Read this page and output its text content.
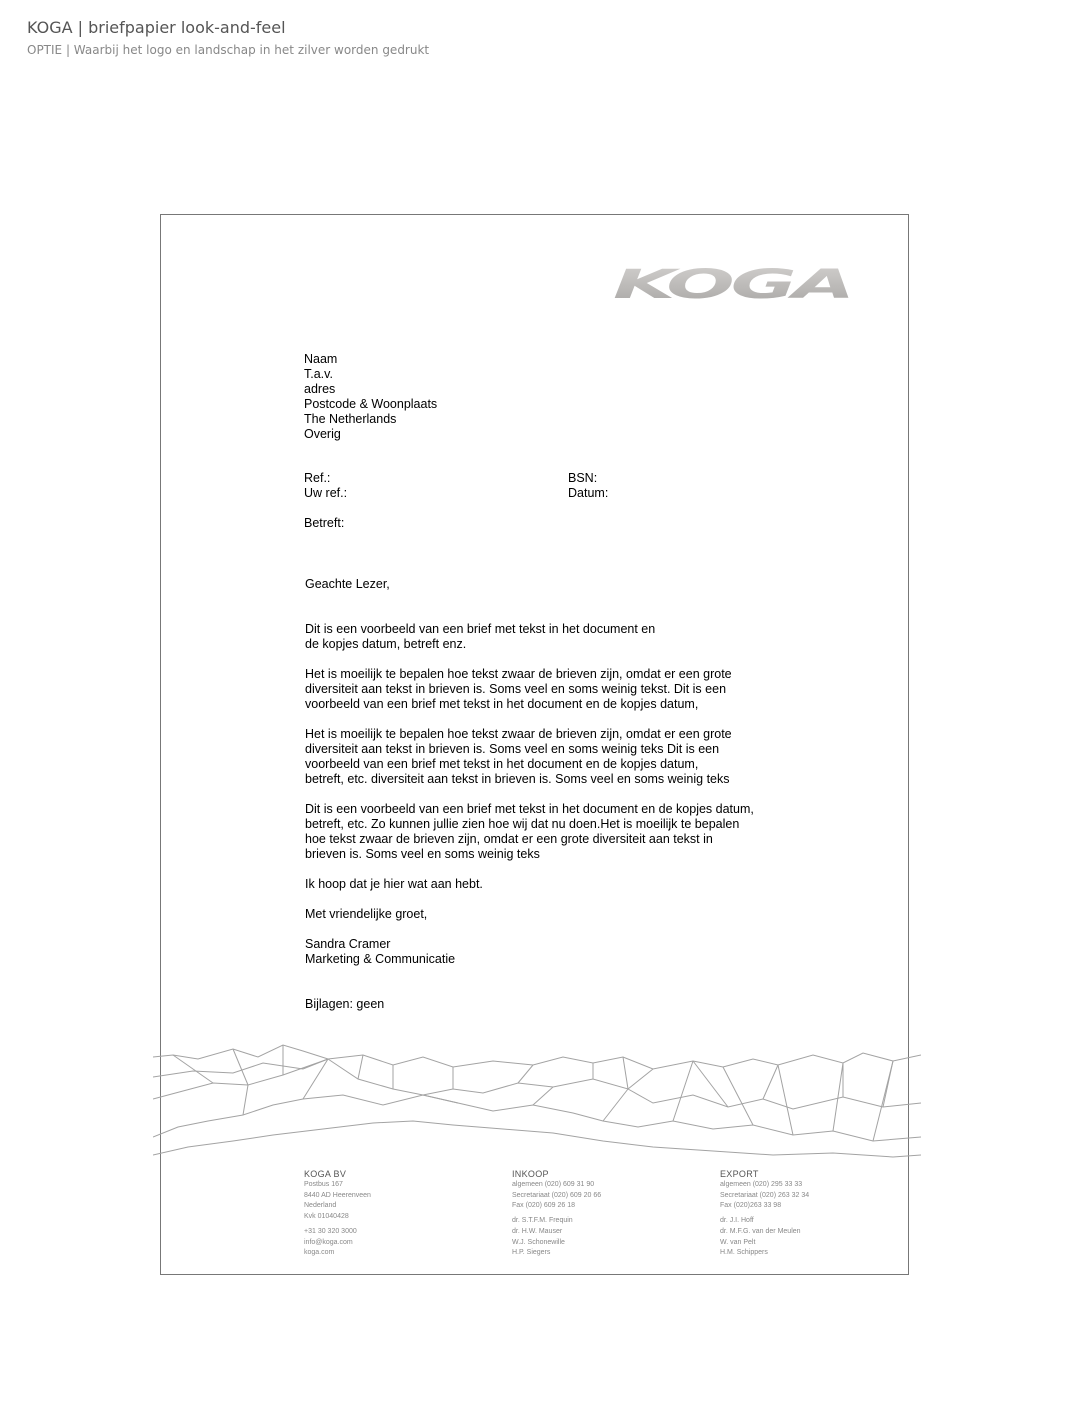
KOGA | briefpapier look-and-feel
OPTIE | Waarbij het logo en landschap in het zilver worden gedrukt
KOGA

Naam

T.a.v.

adres

Postcode & Woonplaats

The Netherlands

Overig

Ref.:

Uw ref.:

BSN:

Datum:

Betreft:

Geachte Lezer,

Dit is een voorbeeld van een brief met tekst in het document en

de kopjes datum, betreft enz.

Het is moeilijk te bepalen hoe tekst zwaar de brieven zijn, omdat er een grote

diversiteit aan tekst in brieven is. Soms veel en soms weinig tekst. Dit is een

voorbeeld van een brief met tekst in het document en de kopjes datum,

Het is moeilijk te bepalen hoe tekst zwaar de brieven zijn, omdat er een grote

diversiteit aan tekst in brieven is. Soms veel en soms weinig teks Dit is een

voorbeeld van een brief met tekst in het document en de kopjes datum,

betreft, etc. diversiteit aan tekst in brieven is. Soms veel en soms weinig teks

Dit is een voorbeeld van een brief met tekst in het document en de kopjes datum,

betreft, etc. Zo kunnen jullie zien hoe wij dat nu doen.Het is moeilijk te bepalen

hoe tekst zwaar de brieven zijn, omdat er een grote diversiteit aan tekst in

brieven is. Soms veel en soms weinig teks

Ik hoop dat je hier wat aan hebt.

Met vriendelijke groet,

Sandra Cramer

Marketing & Communicatie

Bijlagen: geen

KOGA BV
Postbus 167
8440 AD Heerenveen
Nederland
Kvk 01040428
+31 30 320 3000
info@koga.com
koga.com
INKOOP
algemeen (020) 609 31 90
Secretariaat (020) 609 20 66
Fax (020) 609 26 18
dr. S.T.F.M. Frequin
dr. H.W. Mauser
W.J. Schonewille
H.P. Siegers
EXPORT
algemeen (020) 295 33 33
Secretariaat (020) 263 32 34
Fax (020)263 33 98
dr. J.I. Hoff
dr. M.F.G. van der Meulen
W. van Pelt
H.M. Schippers
